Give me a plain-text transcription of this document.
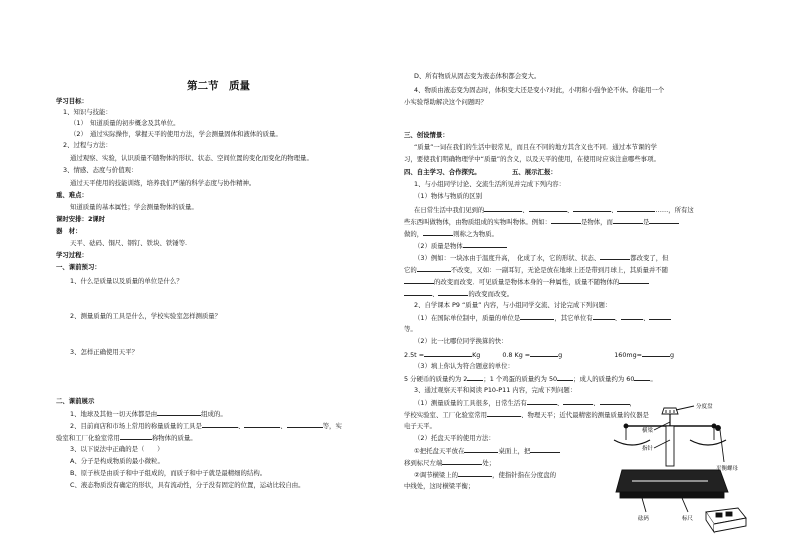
第二节　质量
学习目标：
1、知识与技能：
（1）　知道质量的初步概念及其单位。
（2）　通过实际操作，掌握天平的使用方法，学会测量固体和液体的质量。
2、过程与方法：
通过观察、实验，认识质量不随物体的形状、状态、空间位置的变化而变化的物理量。
3、情感、态度与价值观：
通过天平使用的技能训练，培养我们严谨的科学态度与协作精神。
重、难点：
知道质量的基本属性；学会测量物体的质量。
课时安排：2课时
器　材：
天平、砝码、铜尺、钢钉、铁块、铁锤等.
学习过程：
一、课前预习：
1、什么是质量以及质量的单位是什么？
2、测量质量的工具是什么，学校实验室怎样测质量？
3、怎样正确使用天平？
二、课前展示
1、地球及其他一切天体都是由	组成的。
2、目前商店和市场上常用的称量质量的工具是	、	、	等，实
验室和工厂化验室常用	称物体的质量。
3、以下说法中正确的是（　　）
A、分子是构成物质的最小微粒。
B、原子核是由质子和中子组成的，而质子和中子就是最精细的结构。
C、液态物质没有确定的形状，具有流动性，分子没有固定的位置，运动比较自由。
D、所有物质从固态变为液态体积都会变大。
4、物质由液态变为固态时，体积变大还是变小?对此，小明和小强争论不休。你能用一个
小实验帮助解决这个问题吗？
三、创设情景：
“质量”一词在我们的生活中很常见，而且在不同的地方其含义也不同．通过本节课的学
习，要使我们明确物理学中“质量”的含义，以及天平的使用，在使用时应该注意哪些事项。
四、自主学习、合作探究。	五、展示汇报：
1、与小组同学讨论、交流生活所见并完成下列内容：
（1）物体与物质的区别
在日常生活中我们见到的	、	、	、	……，所有这
些东西叫做物体，由物质组成的实物叫物体。例如：	是物体，而	是
做的，	则称之为物质。
（2）质量是物体
（3）例如：一块冰由于温度升高，　化成了水，它的形状、状态、	都改变了，但
它的	不改变，又如：一副耳钉，无论是放在地球上还是带到月球上，其质量并不随
的改变而改变．可见质量是物体本身的一种属性，质量不随物体的
、	的改变而改变。
2、自学课本 P9 “质量” 内容，与小组同学交流、讨论完成下列问题：
（1）在国际单位制中，质量的单位是	，其它单位有	、	、
等。
（2）比一比哪位同学换算的快：
2.5t =	Kg	0.8 Kg =	g	160mg=	g
（3）填上你认为符合题意的单位：
5 分硬币的质量约为 2	；1 个鸡蛋的质量约为 50	；成人的质量约为 60	。
3、通过观察天平和阅读 P10-P11 内容，完成下列问题：
（1）测量质量的工具很多，日常生活有	、	、	，
学校实验室、工厂化验室常用	、物理天平；近代最精密的测量质量的仪器是
电子天平。
（2）托盘天平的使用方法：
①把托盘天平放在	桌面上，把
移到标尺左端	处；
②调节横梁上的	，使指针指在分度盘的
中线处，这时横梁平衡；
分度盘
指针
横梁
平衡螺母
砝码	标尺
